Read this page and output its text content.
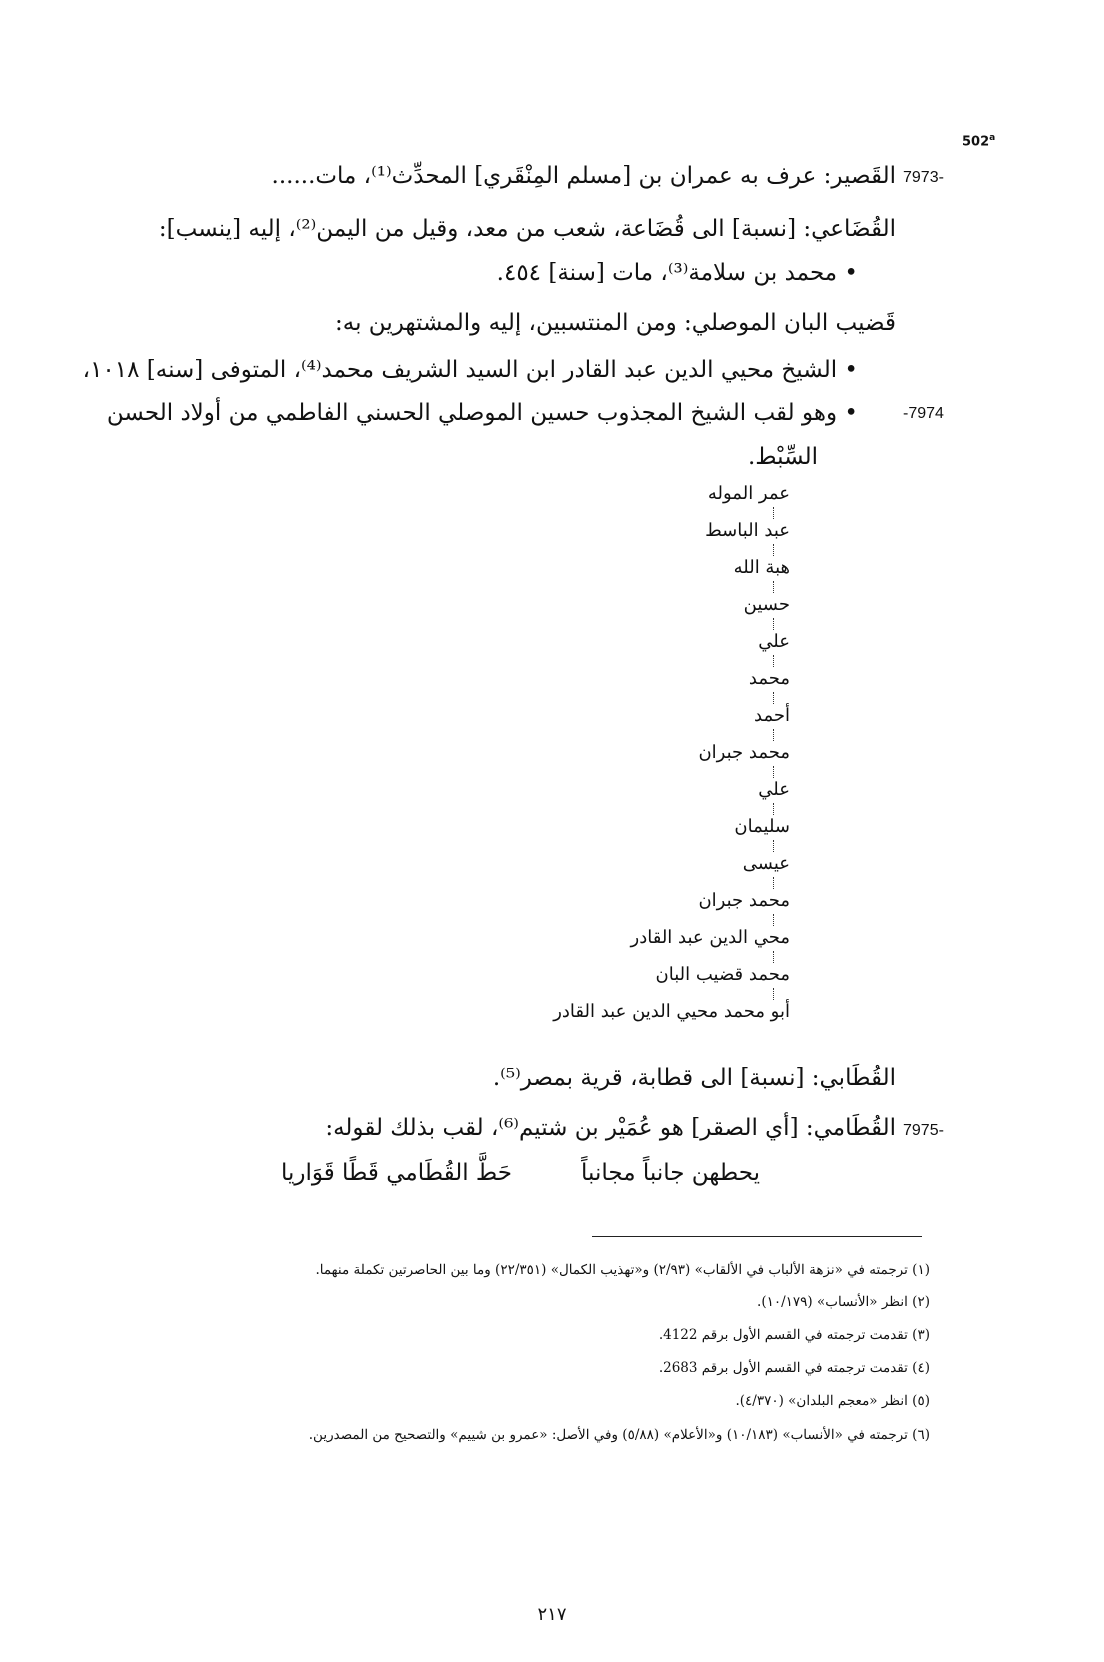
502$^a$
7973-
القَصير: عرف به عمران بن [مسلم المِنْقَري] المحدِّث⁽¹⁾، مات......
القُضَاعي: [نسبة] الى قُضَاعة، شعب من معد، وقيل من اليمن⁽²⁾، إليه [ينسب]:
• محمد بن سلامة⁽³⁾، مات [سنة] ٤٥٤.
قَضيب البان الموصلي: ومن المنتسبين، إليه والمشتهرين به:
• الشيخ محيي الدين عبد القادر ابن السيد الشريف محمد⁽⁴⁾، المتوفى [سنه] ١٠١٨،
-7974
• وهو لقب الشيخ المجذوب حسين الموصلي الحسني الفاطمي من أولاد الحسن
السِّبْط.
عمر الموله
عبد الباسط
هبة الله
حسين
علي
محمد
أحمد
محمد جبران
علي
سليمان
عيسى
محمد جبران
محي الدين عبد القادر
محمد قضيب البان
أبو محمد محيي الدين عبد القادر
القُطَابي: [نسبة] الى قطابة، قرية بمصر⁽⁵⁾.
7975-
القُطَامي: [أي الصقر] هو عُمَيْر بن شتيم⁽⁶⁾، لقب بذلك لقوله:
يحطهن جانباً مجانباً
حَطَّ القُطَامي قَطًا قَوَاريا
(١) ترجمته في «نزهة الألباب في الألقاب» (٢/٩٣) و«تهذيب الكمال» (٢٢/٣٥١) وما بين الحاصرتين تكملة منهما.
(٢) انظر «الأنساب» (١٠/١٧٩).
(٣) تقدمت ترجمته في القسم الأول برقم 4122.
(٤) تقدمت ترجمته في القسم الأول برقم 2683.
(٥) انظر «معجم البلدان» (٤/٣٧٠).
(٦) ترجمته في «الأنساب» (١٠/١٨٣) و«الأعلام» (٥/٨٨) وفي الأصل: «عمرو بن شييم» والتصحيح من المصدرين.
٢١٧
